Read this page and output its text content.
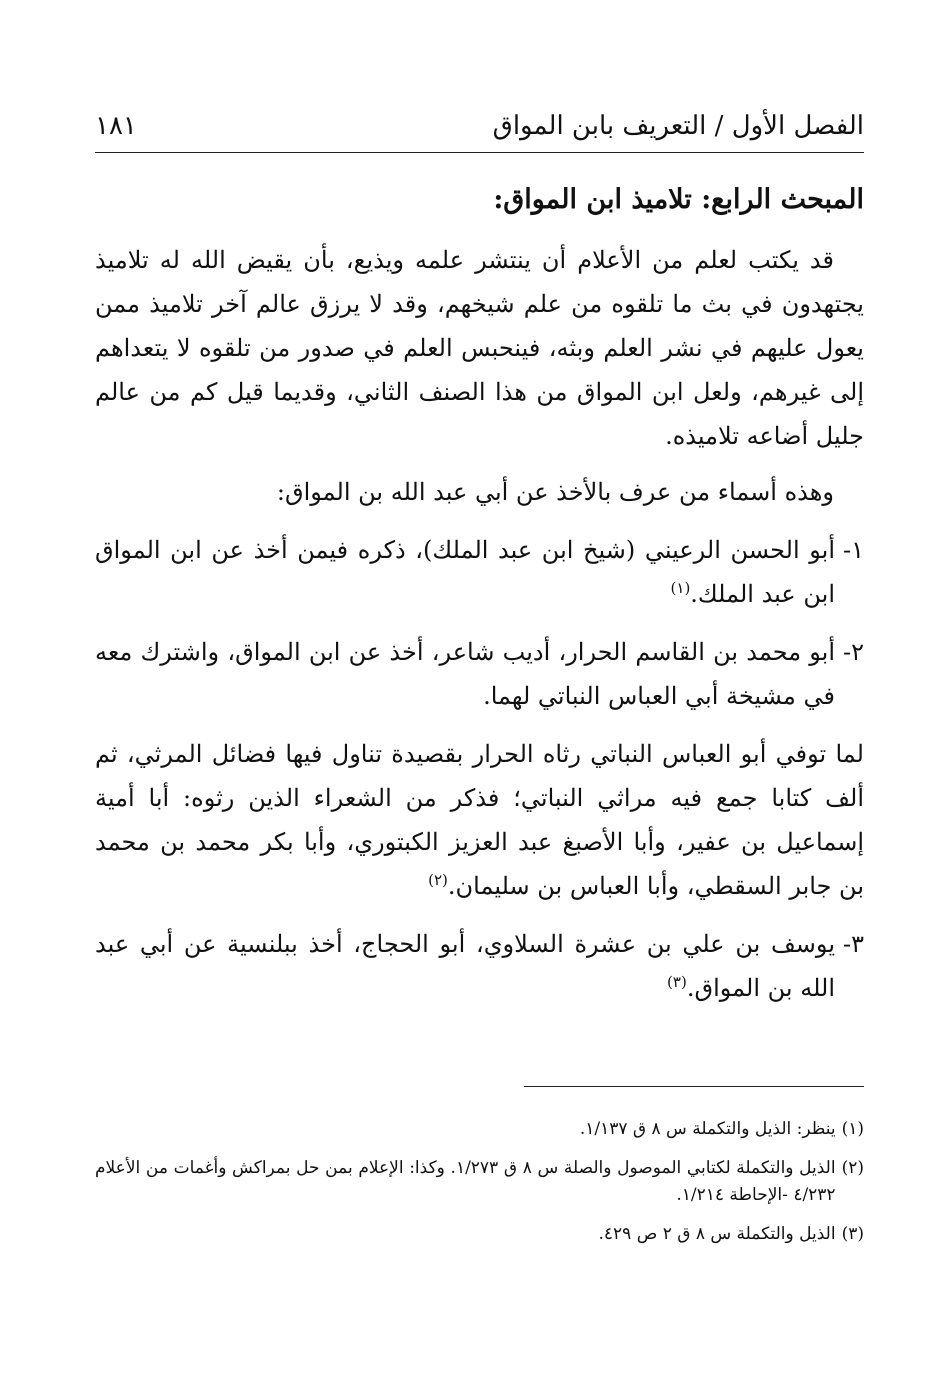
الفصل الأول / التعريف بابن المواق
١٨١
المبحث الرابع: تلاميذ ابن المواق:

قد يكتب لعلم من الأعلام أن ينتشر علمه ويذيع، بأن يقيض الله له تلاميذ يجتهدون في بث ما تلقوه من علم شيخهم، وقد لا يرزق عالم آخر تلاميذ ممن يعول عليهم في نشر العلم وبثه، فينحبس العلم في صدور من تلقوه لا يتعداهم إلى غيرهم، ولعل ابن المواق من هذا الصنف الثاني، وقديما قيل كم من عالم جليل أضاعه تلاميذه.

وهذه أسماء من عرف بالأخذ عن أبي عبد الله بن المواق:

١-
أبو الحسن الرعيني (شيخ ابن عبد الملك)، ذكره فيمن أخذ عن ابن المواق ابن عبد الملك.$^{(١)}$
٢-
أبو محمد بن القاسم الحرار، أديب شاعر، أخذ عن ابن المواق، واشترك معه في مشيخة أبي العباس النباتي لهما.

لما توفي أبو العباس النباتي رثاه الحرار بقصيدة تناول فيها فضائل المرثي، ثم ألف كتابا جمع فيه مراثي النباتي؛ فذكر من الشعراء الذين رثوه: أبا أمية إسماعيل بن عفير، وأبا الأصبغ عبد العزيز الكبتوري، وأبا بكر محمد بن محمد بن جابر السقطي، وأبا العباس بن سليمان.$^{(٢)}$

٣-
يوسف بن علي بن عشرة السلاوي، أبو الحجاج، أخذ ببلنسية عن أبي عبد الله بن المواق.$^{(٣)}$
(١)
ينظر: الذيل والتكملة س ٨ ق ١/١٣٧.
(٢)
الذيل والتكملة لكتابي الموصول والصلة س ٨ ق ١/٢٧٣. وكذا: الإعلام بمن حل بمراكش وأغمات من الأعلام ٤/٢٣٢ -الإحاطة ١/٢١٤.
(٣)
الذيل والتكملة س ٨ ق ٢ ص ٤٢٩.
